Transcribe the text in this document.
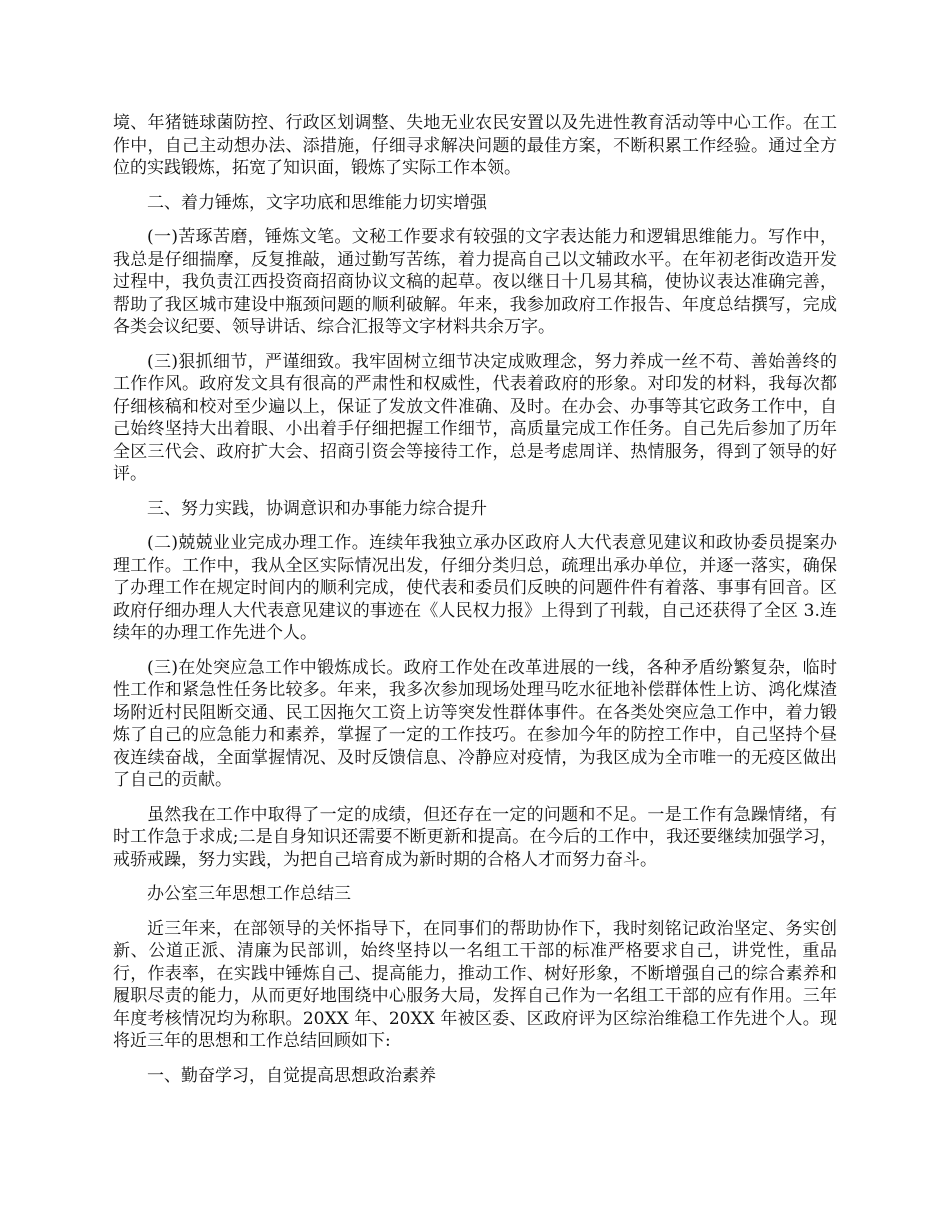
境、年猪链球菌防控、行政区划调整、失地无业农民安置以及先进性教育活动等中心工作。在工作中，自己主动想办法、添措施，仔细寻求解决问题的最佳方案，不断积累工作经验。通过全方位的实践锻炼，拓宽了知识面，锻炼了实际工作本领。

二、着力锤炼，文字功底和思维能力切实增强

(一)苦琢苦磨，锤炼文笔。文秘工作要求有较强的文字表达能力和逻辑思维能力。写作中，我总是仔细揣摩，反复推敲，通过勤写苦练，着力提高自己以文辅政水平。在年初老街改造开发过程中，我负责江西投资商招商协议文稿的起草。夜以继日十几易其稿，使协议表达准确完善，帮助了我区城市建设中瓶颈问题的顺利破解。年来，我参加政府工作报告、年度总结撰写，完成各类会议纪要、领导讲话、综合汇报等文字材料共余万字。

(三)狠抓细节，严谨细致。我牢固树立细节决定成败理念，努力养成一丝不苟、善始善终的工作作风。政府发文具有很高的严肃性和权威性，代表着政府的形象。对印发的材料，我每次都仔细核稿和校对至少遍以上，保证了发放文件准确、及时。在办会、办事等其它政务工作中，自己始终坚持大出着眼、小出着手仔细把握工作细节，高质量完成工作任务。自己先后参加了历年全区三代会、政府扩大会、招商引资会等接待工作，总是考虑周详、热情服务，得到了领导的好评。

三、努力实践，协调意识和办事能力综合提升

(二)兢兢业业完成办理工作。连续年我独立承办区政府人大代表意见建议和政协委员提案办理工作。工作中，我从全区实际情况出发，仔细分类归总，疏理出承办单位，并逐一落实，确保了办理工作在规定时间内的顺利完成，使代表和委员们反映的问题件件有着落、事事有回音。区政府仔细办理人大代表意见建议的事迹在《人民权力报》上得到了刊载，自己还获得了全区 3.连续年的办理工作先进个人。

(三)在处突应急工作中锻炼成长。政府工作处在改革进展的一线，各种矛盾纷繁复杂，临时性工作和紧急性任务比较多。年来，我多次参加现场处理马吃水征地补偿群体性上访、鸿化煤渣场附近村民阻断交通、民工因拖欠工资上访等突发性群体事件。在各类处突应急工作中，着力锻炼了自己的应急能力和素养，掌握了一定的工作技巧。在参加今年的防控工作中，自己坚持个昼夜连续奋战，全面掌握情况、及时反馈信息、冷静应对疫情，为我区成为全市唯一的无疫区做出了自己的贡献。

虽然我在工作中取得了一定的成绩，但还存在一定的问题和不足。一是工作有急躁情绪，有时工作急于求成;二是自身知识还需要不断更新和提高。在今后的工作中，我还要继续加强学习，戒骄戒躁，努力实践，为把自己培育成为新时期的合格人才而努力奋斗。

办公室三年思想工作总结三

近三年来，在部领导的关怀指导下，在同事们的帮助协作下，我时刻铭记政治坚定、务实创新、公道正派、清廉为民部训，始终坚持以一名组工干部的标准严格要求自己，讲党性，重品行，作表率，在实践中锤炼自己、提高能力，推动工作、树好形象，不断增强自己的综合素养和履职尽责的能力，从而更好地围绕中心服务大局，发挥自己作为一名组工干部的应有作用。三年年度考核情况均为称职。20XX 年、20XX 年被区委、区政府评为区综治维稳工作先进个人。现将近三年的思想和工作总结回顾如下:

一、勤奋学习，自觉提高思想政治素养
